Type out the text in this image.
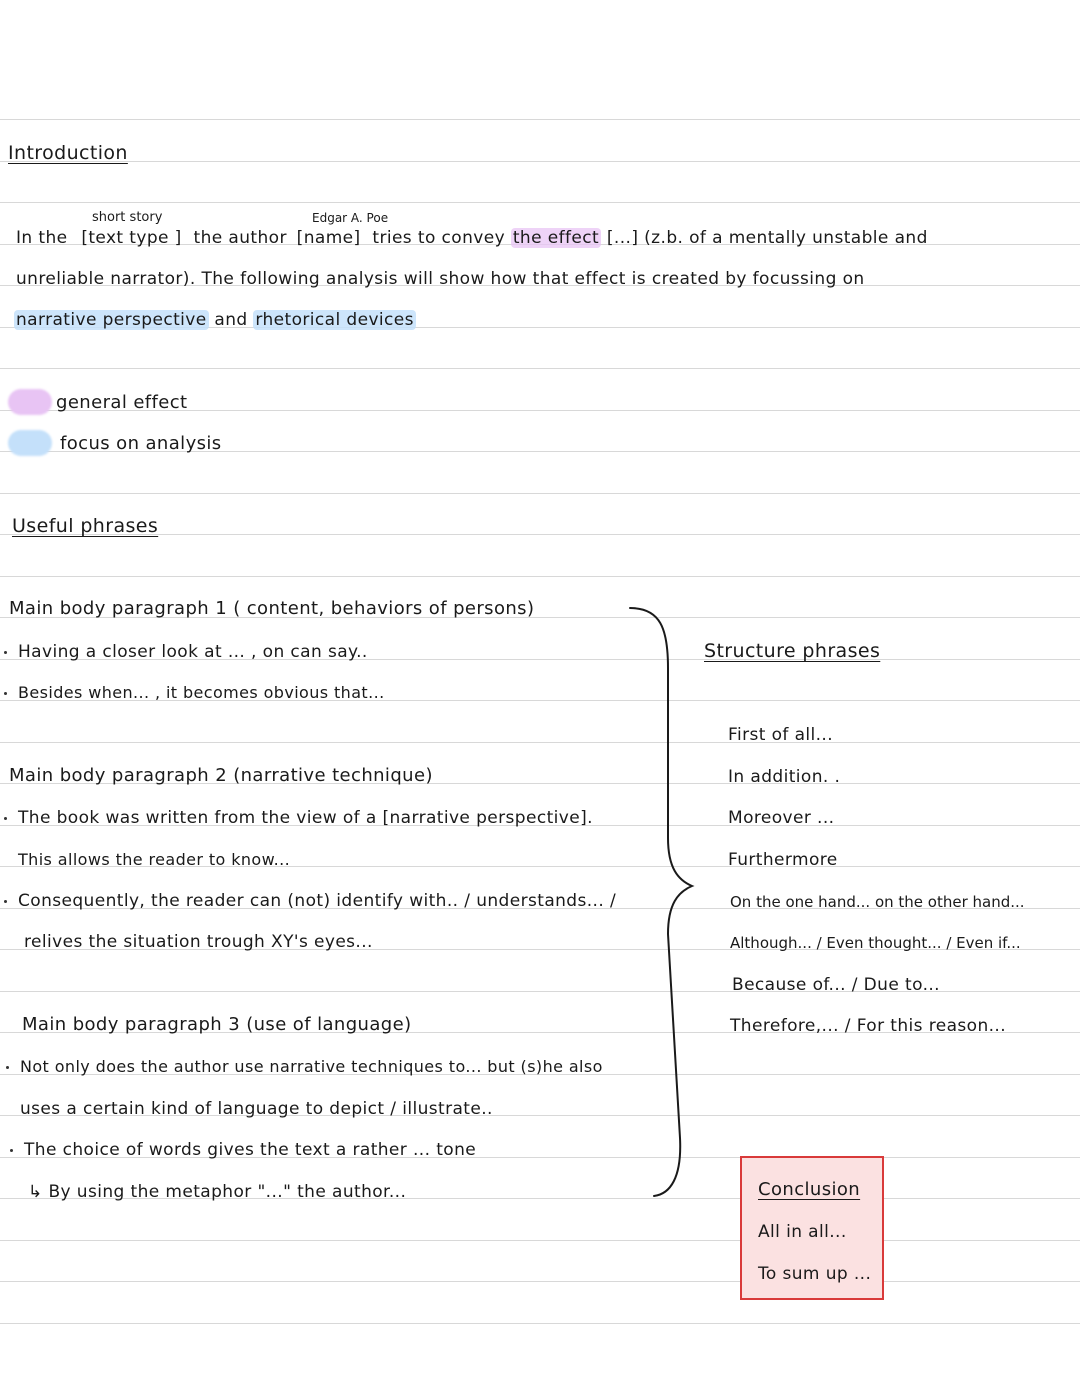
Introduction
short story	Edgar A. Poe
In the [text type ] the author [name] tries to convey the effect [...] (z.b. of a mentally unstable and
unreliable narrator). The following analysis will show how that effect is created by focussing on
narrative perspective and rhetorical devices
general effect
focus on analysis
Useful phrases
Main body paragraph 1 ( content, behaviors of persons)
Having a closer look at ... , on can say..
Besides when... , it becomes obvious that...
Main body paragraph 2 (narrative technique)
The book was written from the view of a [narrative perspective].
This allows the reader to know...
Consequently, the reader can (not) identify with.. / understands... /
relives the situation trough XY's eyes...
Main body paragraph 3 (use of language)
Not only does the author use narrative techniques to... but (s)he also
uses a certain kind of language to depict / illustrate..
The choice of words gives the text a rather ... tone
↳ By using the metaphor "..." the author...
Structure phrases
First of all...
In addition. .
Moreover ...
Furthermore
On the one hand... on the other hand...
Although... / Even thought... / Even if...
Because of... / Due to...
Therefore,... / For this reason...
Conclusion
All in all...
To sum up ...
